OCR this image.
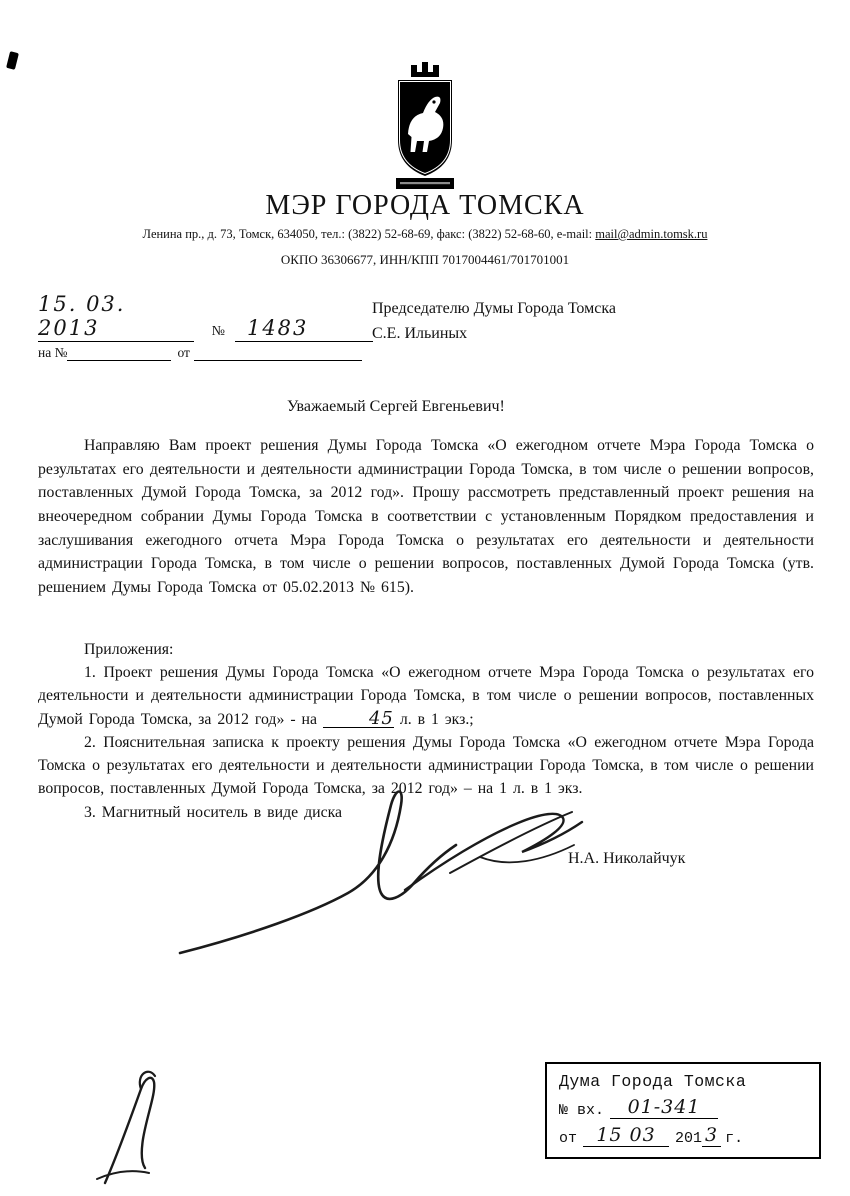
МЭР ГОРОДА ТОМСКА
Ленина пр., д. 73, Томск, 634050, тел.: (3822) 52-68-69, факс: (3822) 52-68-60, e-mail: mail@admin.tomsk.ru
ОКПО 36306677, ИНН/КПП 7017004461/701701001
15. 03. 2013	№	1483
на №	от
Председателю Думы Города Томска
С.Е. Ильиных
Уважаемый Сергей Евгеньевич!

Направляю Вам проект решения Думы Города Томска «О ежегодном отчете Мэра Города Томска о результатах его деятельности и деятельности администрации Города Томска, в том числе о решении вопросов, поставленных Думой Города Томска, за 2012 год». Прошу рассмотреть представленный проект решения на внеочередном собрании Думы Города Томска в соответствии с установленным Порядком предоставления и заслушивания ежегодного отчета Мэра Города Томска о результатах его деятельности и деятельности администрации Города Томска, в том числе о решении вопросов, поставленных Думой Города Томска (утв. решением Думы Города Томска от 05.02.2013 № 615).

Приложения:

1. Проект решения Думы Города Томска «О ежегодном отчете Мэра Города Томска о результатах его деятельности и деятельности администрации Города Томска, в том числе о решении вопросов, поставленных Думой Города Томска, за 2012 год» - на	45 л. в 1 экз.;

2. Пояснительная записка к проекту решения Думы Города Томска «О ежегодном отчете Мэра Города Томска о результатах его деятельности и деятельности администрации Города Томска, в том числе о решении вопросов, поставленных Думой Города Томска, за 2012 год» – на 1 л. в 1 экз.

3. Магнитный носитель в виде диска

Н.А. Николайчук
Дума Города Томска
№ вх.	01-341
от	15 03	201 3 г.
